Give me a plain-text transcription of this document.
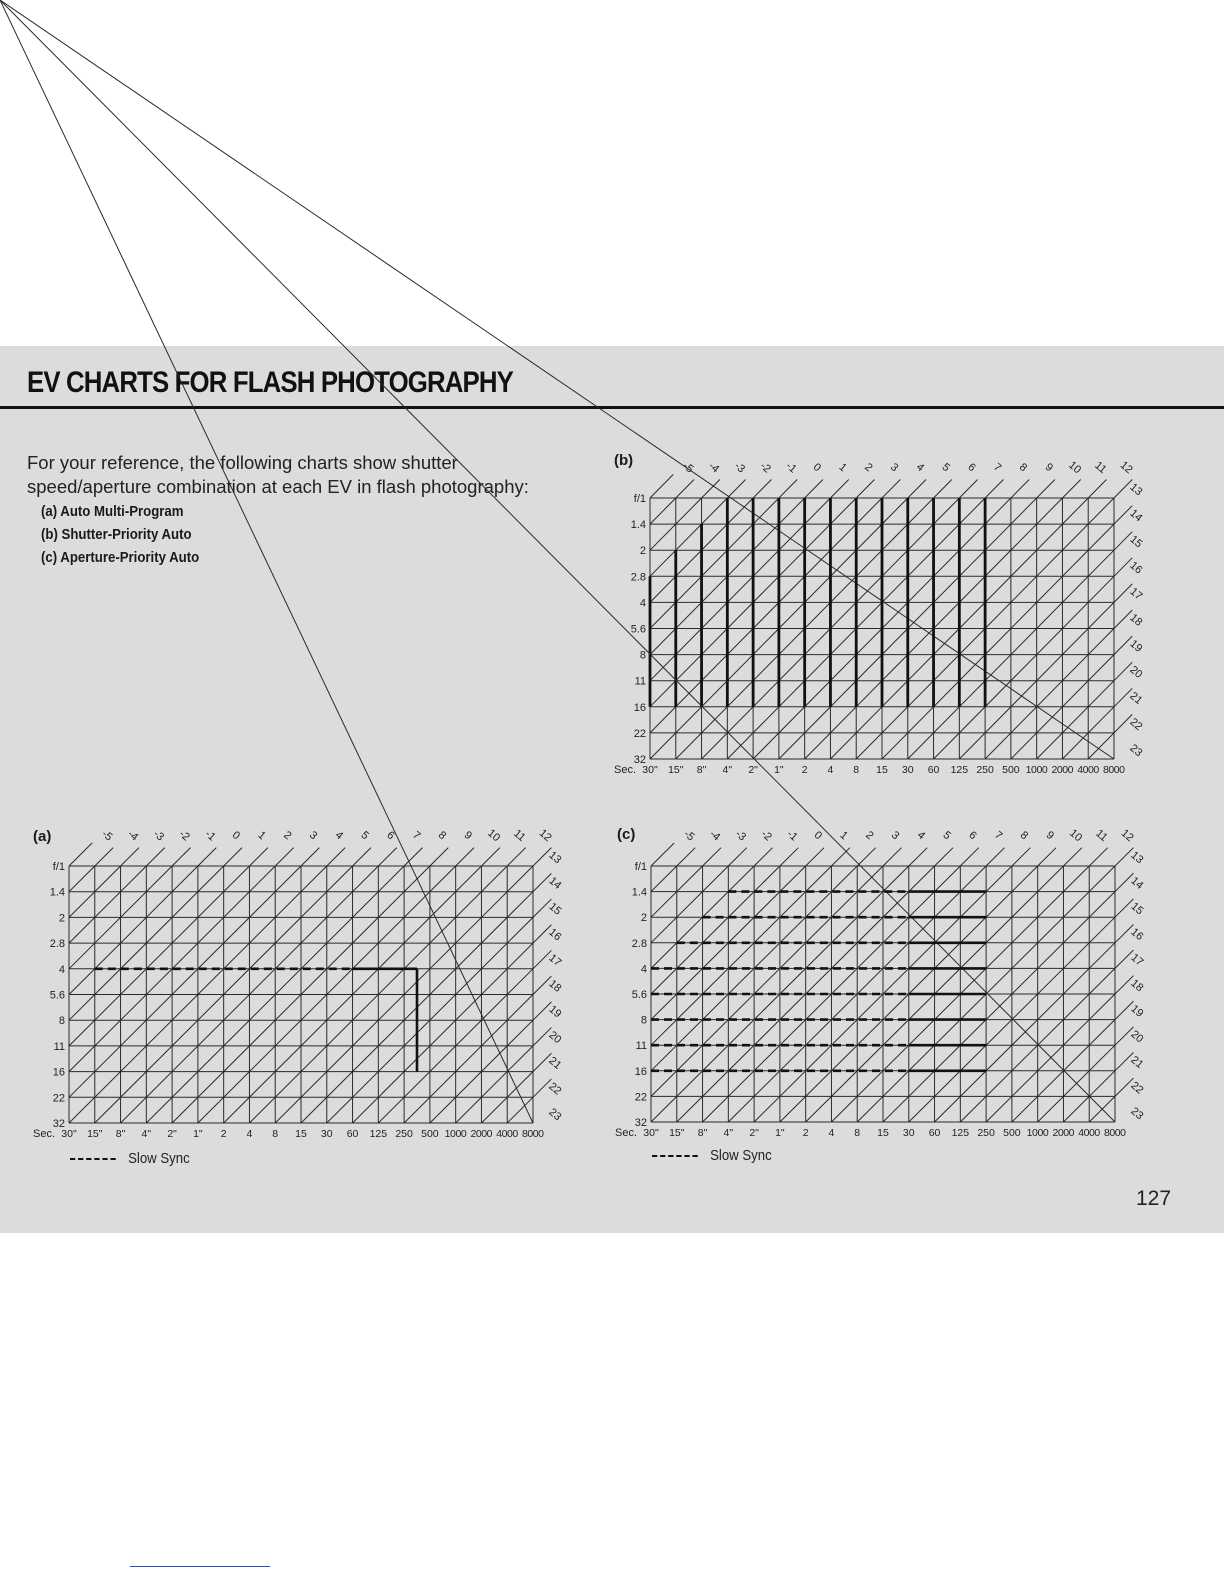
EV CHARTS FOR FLASH PHOTOGRAPHY

For your reference, the following charts show shutter

speed/aperture combination at each EV in flash photography:

(a) Auto Multi-Program
(b) Shutter-Priority Auto
(c) Aperture-Priority Auto
(b)	-5 -4 -3 -2 -1 0 1 2 3 4 5 6 7 8 9 10 11 12
13
14
15
16
17
18
19
20
21
22
23
f/1
1.4
2
2.8
4
5.6
8
11
16
22
32
Sec. 30" 15" 8" 4" 2" 1" 2 4 8 15 30 60 125 250 500 1000 2000 4000 8000
(a)	-5 -4 -3 -2 -1 0 1 2 3 4 5 6 7 8 9 10 11 12
13
14
15
16
17
18
19
20
21
22
23
f/1
1.4
2
2.8
4
5.6
8
11
16
22
32
Sec. 30" 15" 8" 4" 2" 1" 2 4 8 15 30 60 125 250 500 1000 2000 4000 8000
(c)	-5 -4 -3 -2 -1 0 1 2 3 4 5 6 7 8 9 10 11 12
13
14
15
16
17
18
19
20
21
22
23
f/1
1.4
2
2.8
4
5.6
8
11
16
22
32
Sec. 30" 15" 8" 4" 2" 1" 2 4 8 15 30 60 125 250 500 1000 2000 4000 8000
Slow Sync	Slow Sync
127
